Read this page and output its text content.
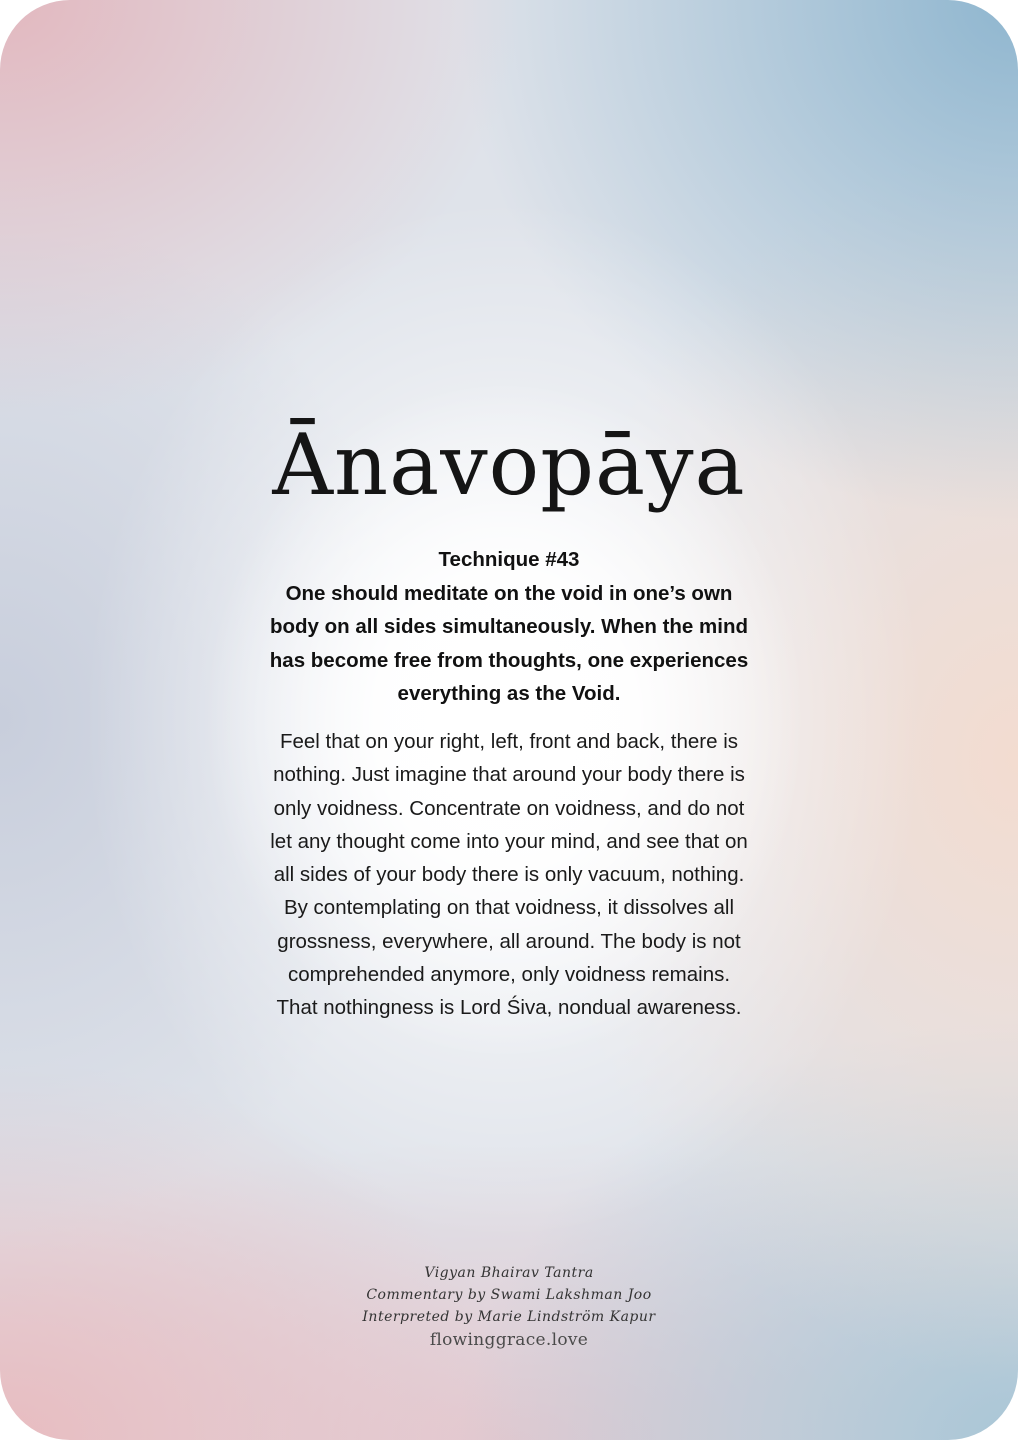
Ānavopāya
Technique #43
One should meditate on the void in one’s own
body on all sides simultaneously. When the mind
has become free from thoughts, one experiences
everything as the Void.
Feel that on your right, left, front and back, there is
nothing. Just imagine that around your body there is
only voidness. Concentrate on voidness, and do not
let any thought come into your mind, and see that on
all sides of your body there is only vacuum, nothing.
By contemplating on that voidness, it dissolves all
grossness, everywhere, all around. The body is not
comprehended anymore, only voidness remains.
That nothingness is Lord Śiva, nondual awareness.
Vigyan Bhairav Tantra
Commentary by Swami Lakshman Joo
Interpreted by Marie Lindström Kapur
flowinggrace.love
